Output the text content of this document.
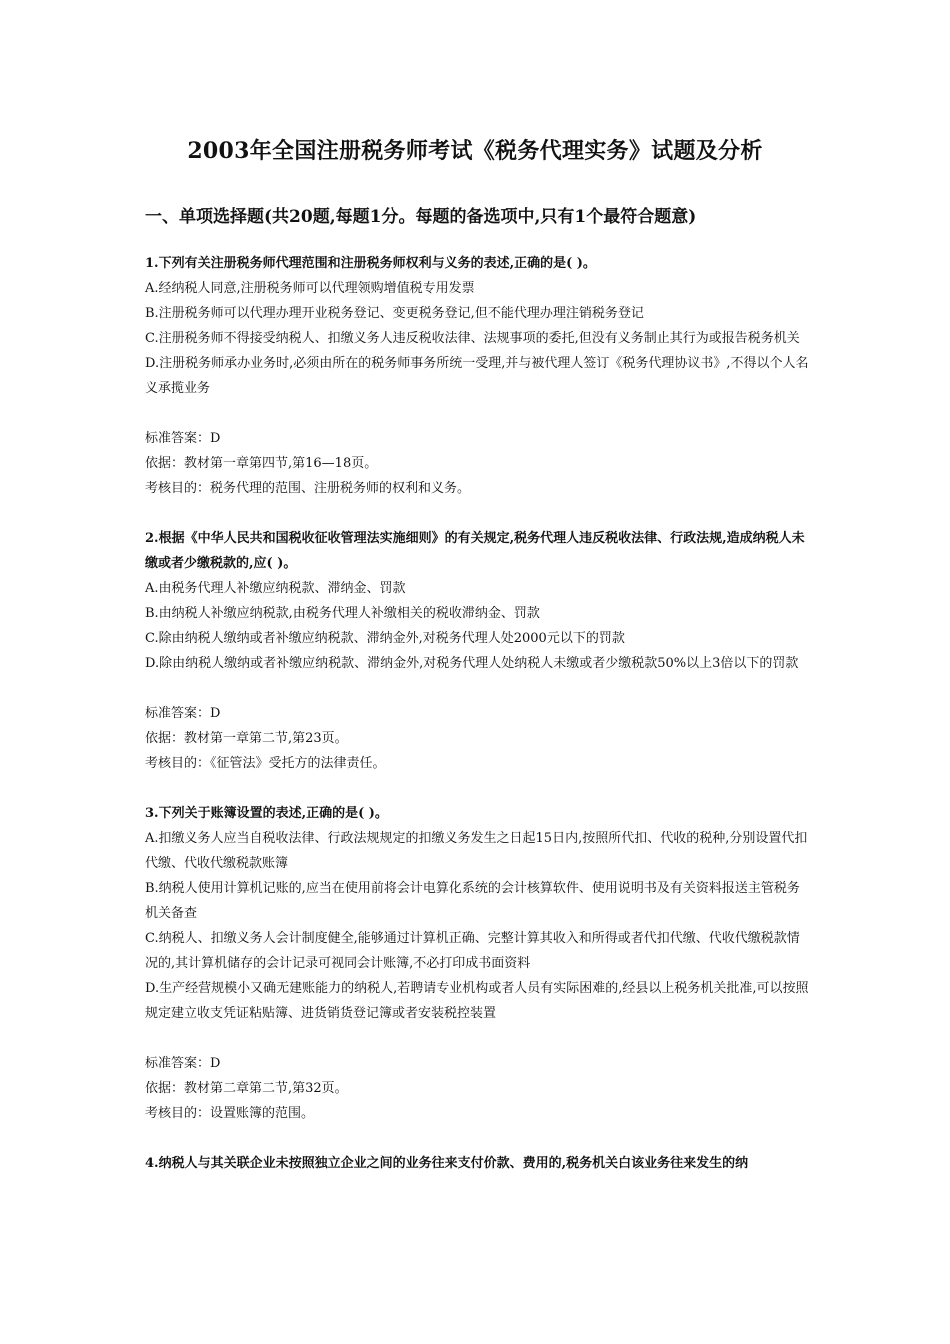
2003年全国注册税务师考试《税务代理实务》试题及分析
一、单项选择题(共20题,每题1分。每题的备选项中,只有1个最符合题意)
1.下列有关注册税务师代理范围和注册税务师权利与义务的表述,正确的是( )。
A.经纳税人同意,注册税务师可以代理领购增值税专用发票
B.注册税务师可以代理办理开业税务登记、变更税务登记,但不能代理办理注销税务登记
C.注册税务师不得接受纳税人、扣缴义务人违反税收法律、法规事项的委托,但没有义务制止其行为或报告税务机关
D.注册税务师承办业务时,必须由所在的税务师事务所统一受理,并与被代理人签订《税务代理协议书》,不得以个人名义承揽业务
标准答案：D
依据：教材第一章第四节,第16—18页。
考核目的：税务代理的范围、注册税务师的权利和义务。
2.根据《中华人民共和国税收征收管理法实施细则》的有关规定,税务代理人违反税收法律、行政法规,造成纳税人未缴或者少缴税款的,应( )。
A.由税务代理人补缴应纳税款、滞纳金、罚款
B.由纳税人补缴应纳税款,由税务代理人补缴相关的税收滞纳金、罚款
C.除由纳税人缴纳或者补缴应纳税款、滞纳金外,对税务代理人处2000元以下的罚款
D.除由纳税人缴纳或者补缴应纳税款、滞纳金外,对税务代理人处纳税人未缴或者少缴税款50%以上3倍以下的罚款
标准答案：D
依据：教材第一章第二节,第23页。
考核目的：《征管法》受托方的法律责任。
3.下列关于账簿设置的表述,正确的是( )。
A.扣缴义务人应当自税收法律、行政法规规定的扣缴义务发生之日起15日内,按照所代扣、代收的税种,分别设置代扣代缴、代收代缴税款账簿
B.纳税人使用计算机记账的,应当在使用前将会计电算化系统的会计核算软件、使用说明书及有关资料报送主管税务机关备查
C.纳税人、扣缴义务人会计制度健全,能够通过计算机正确、完整计算其收入和所得或者代扣代缴、代收代缴税款情况的,其计算机储存的会计记录可视同会计账簿,不必打印成书面资料
D.生产经营规模小又确无建账能力的纳税人,若聘请专业机构或者人员有实际困难的,经县以上税务机关批准,可以按照规定建立收支凭证粘贴簿、进货销货登记簿或者安装税控装置
标准答案：D
依据：教材第二章第二节,第32页。
考核目的：设置账簿的范围。
4.纳税人与其关联企业未按照独立企业之间的业务往来支付价款、费用的,税务机关白该业务往来发生的纳
